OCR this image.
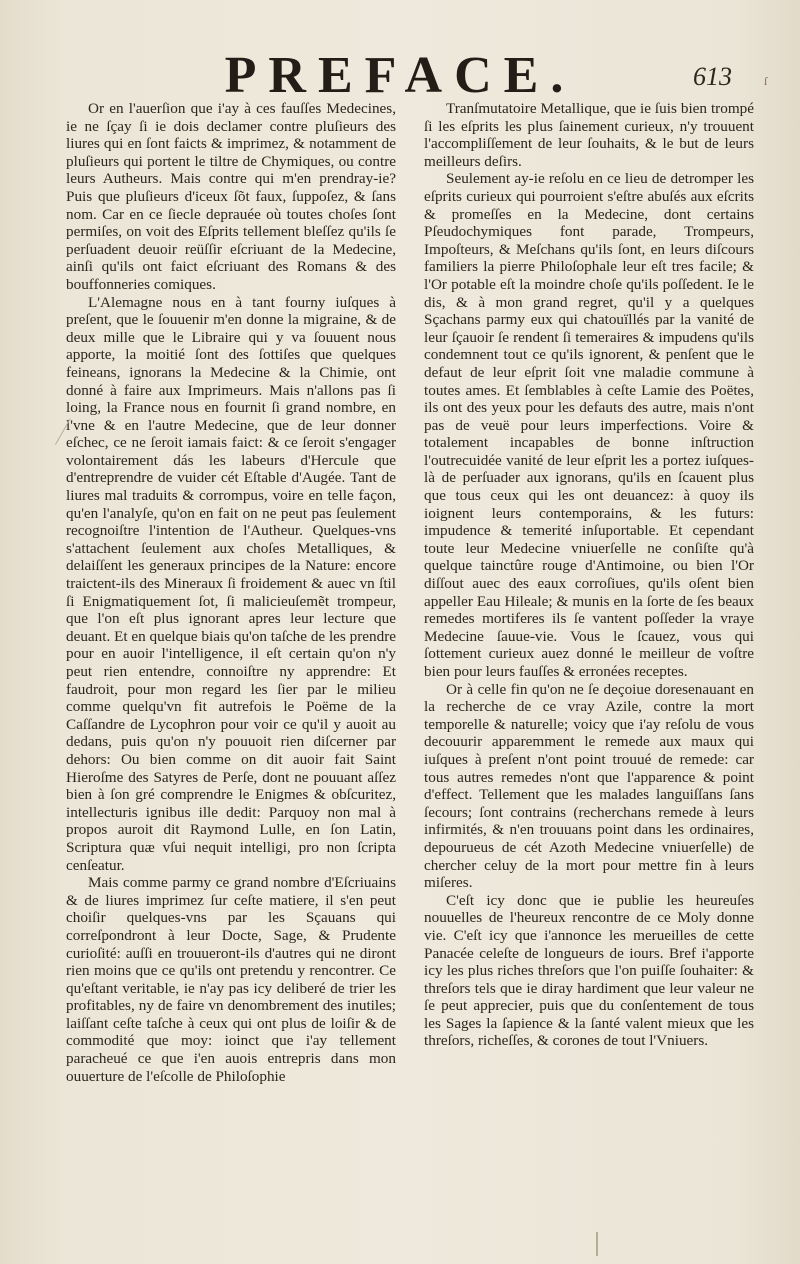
PREFACE.	613	ſ

Or en l'auerſion que i'ay à ces fauſſes Medecines, ie ne ſçay ſi ie dois declamer contre pluſieurs des liures qui en ſont faicts & imprimez, & notamment de pluſieurs qui portent le tiltre de Chymiques, ou contre leurs Autheurs. Mais contre qui m'en prendray-ie? Puis que pluſieurs d'iceux ſõt faux, ſuppoſez, & ſans nom. Car en ce ſiecle deprauée où toutes choſes ſont permiſes, on voit des Eſprits tellement bleſſez qu'ils ſe perſuadent deuoir reüſſir eſcriuant de la Medecine, ainſi qu'ils ont faict eſcriuant des Romans & des bouffonneries comiques.

L'Alemagne nous en à tant fourny iuſques à preſent, que le ſouuenir m'en donne la migraine, & de deux mille que le Libraire qui y va ſouuent nous apporte, la moitié ſont des ſottiſes que quelques feineans, ignorans la Medecine & la Chimie, ont donné à faire aux Imprimeurs. Mais n'allons pas ſi loing, la France nous en fournit ſi grand nombre, en l'vne & en l'autre Medecine, que de leur donner eſchec, ce ne ſeroit iamais faict: & ce ſeroit s'engager volontairement dás les labeurs d'Hercule que d'entreprendre de vuider cét Eſtable d'Augée. Tant de liures mal traduits & corrompus, voire en telle façon, qu'en l'analyſe, qu'on en fait on ne peut pas ſeulement recognoiſtre l'intention de l'Autheur. Quelques-vns s'attachent ſeulement aux choſes Metalliques, & delaiſſent les generaux principes de la Nature: encore traictent-ils des Mineraux ſi froidement & auec vn ſtil ſi Enigmatiquement ſot, ſi malicieuſemẽt trompeur, que l'on eſt plus ignorant apres leur lecture que deuant. Et en quelque biais qu'on taſche de les prendre pour en auoir l'intelligence, il eſt certain qu'on n'y peut rien entendre, connoiſtre ny apprendre: Et faudroit, pour mon regard les ſier par le milieu comme quelqu'vn fit autrefois le Poëme de la Caſſandre de Lycophron pour voir ce qu'il y auoit au dedans, puis qu'on n'y pouuoit rien diſcerner par dehors: Ou bien comme on dit auoir fait Saint Hieroſme des Satyres de Perſe, dont ne pouuant aſſez bien à ſon gré comprendre le Enigmes & obſcuritez, intellecturis ignibus ille dedit: Parquoy non mal à propos auroit dit Raymond Lulle, en ſon Latin, Scriptura quæ vſui nequit intelligi, pro non ſcripta cenſeatur.

Mais comme parmy ce grand nombre d'Eſcriuains & de liures imprimez ſur ceſte matiere, il s'en peut choiſir quelques-vns par les Sçauans qui correſpondront à leur Docte, Sage, & Prudente curioſité: auſſi en trouueront-ils d'autres qui ne diront rien moins que ce qu'ils ont pretendu y rencontrer. Ce qu'eſtant veritable, ie n'ay pas icy deliberé de trier les profitables, ny de faire vn denombrement des inutiles; laiſſant ceſte taſche à ceux qui ont plus de loiſir & de commodité que moy: ioinct que i'ay tellement paracheué ce que i'en auois entrepris dans mon ouuerture de l'eſcolle de Philoſophie

Tranſmutatoire Metallique, que ie ſuis bien trompé ſi les eſprits les plus ſainement curieux, n'y trouuent l'accompliſſement de leur ſouhaits, & le but de leurs meilleurs deſirs.

Seulement ay-ie reſolu en ce lieu de detromper les eſprits curieux qui pourroient s'eſtre abuſés aux eſcrits & promeſſes en la Medecine, dont certains Pſeudochymiques font parade, Trompeurs, Impoſteurs, & Meſchans qu'ils ſont, en leurs diſcours familiers la pierre Philoſophale leur eſt tres facile; & l'Or potable eſt la moindre choſe qu'ils poſſedent. Ie le dis, & à mon grand regret, qu'il y a quelques Sçachans parmy eux qui chatouïllés par la vanité de leur ſçauoir ſe rendent ſi temeraires & impudens qu'ils condemnent tout ce qu'ils ignorent, & penſent que le defaut de leur eſprit ſoit vne maladie commune à toutes ames. Et ſemblables à ceſte Lamie des Poëtes, ils ont des yeux pour les defauts des autre, mais n'ont pas de veuë pour leurs imperfections. Voire & totalement incapables de bonne inſtruction l'outrecuidée vanité de leur eſprit les a portez iuſques-là de perſuader aux ignorans, qu'ils en ſcauent plus que tous ceux qui les ont deuancez: à quoy ils ioignent leurs contemporains, & les futurs: impudence & temerité inſuportable. Et cependant toute leur Medecine vniuerſelle ne conſiſte qu'à quelque tainctûre rouge d'Antimoine, ou bien l'Or diſſout auec des eaux corroſiues, qu'ils oſent bien appeller Eau Hileale; & munis en la ſorte de ſes beaux remedes mortiferes ils ſe vantent poſſeder la vraye Medecine ſauue-vie. Vous le ſcauez, vous qui ſottement curieux auez donné le meilleur de voſtre bien pour leurs fauſſes & erronées receptes.

Or à celle fin qu'on ne ſe deçoiue doresenauant en la recherche de ce vray Azile, contre la mort temporelle & naturelle; voicy que i'ay reſolu de vous decouurir apparemment le remede aux maux qui iuſques à preſent n'ont point trouué de remede: car tous autres remedes n'ont que l'apparence & point d'effect. Tellement que les malades languiſſans ſans ſecours; ſont contrains (recherchans remede à leurs infirmités, & n'en trouuans point dans les ordinaires, depourueus de cét Azoth Medecine vniuerſelle) de chercher celuy de la mort pour mettre fin à leurs miſeres.

C'eſt icy donc que ie publie les heureuſes nouuelles de l'heureux rencontre de ce Moly donne vie. C'eſt icy que i'annonce les merueilles de cette Panacée celeſte de longueurs de iours. Bref i'apporte icy les plus riches threſors que l'on puiſſe ſouhaiter: & threſors tels que ie diray hardiment que leur valeur ne ſe peut apprecier, puis que du conſentement de tous les Sages la ſapience & la ſanté valent mieux que les threſors, richeſſes, & corones de tout l'Vniuers.
